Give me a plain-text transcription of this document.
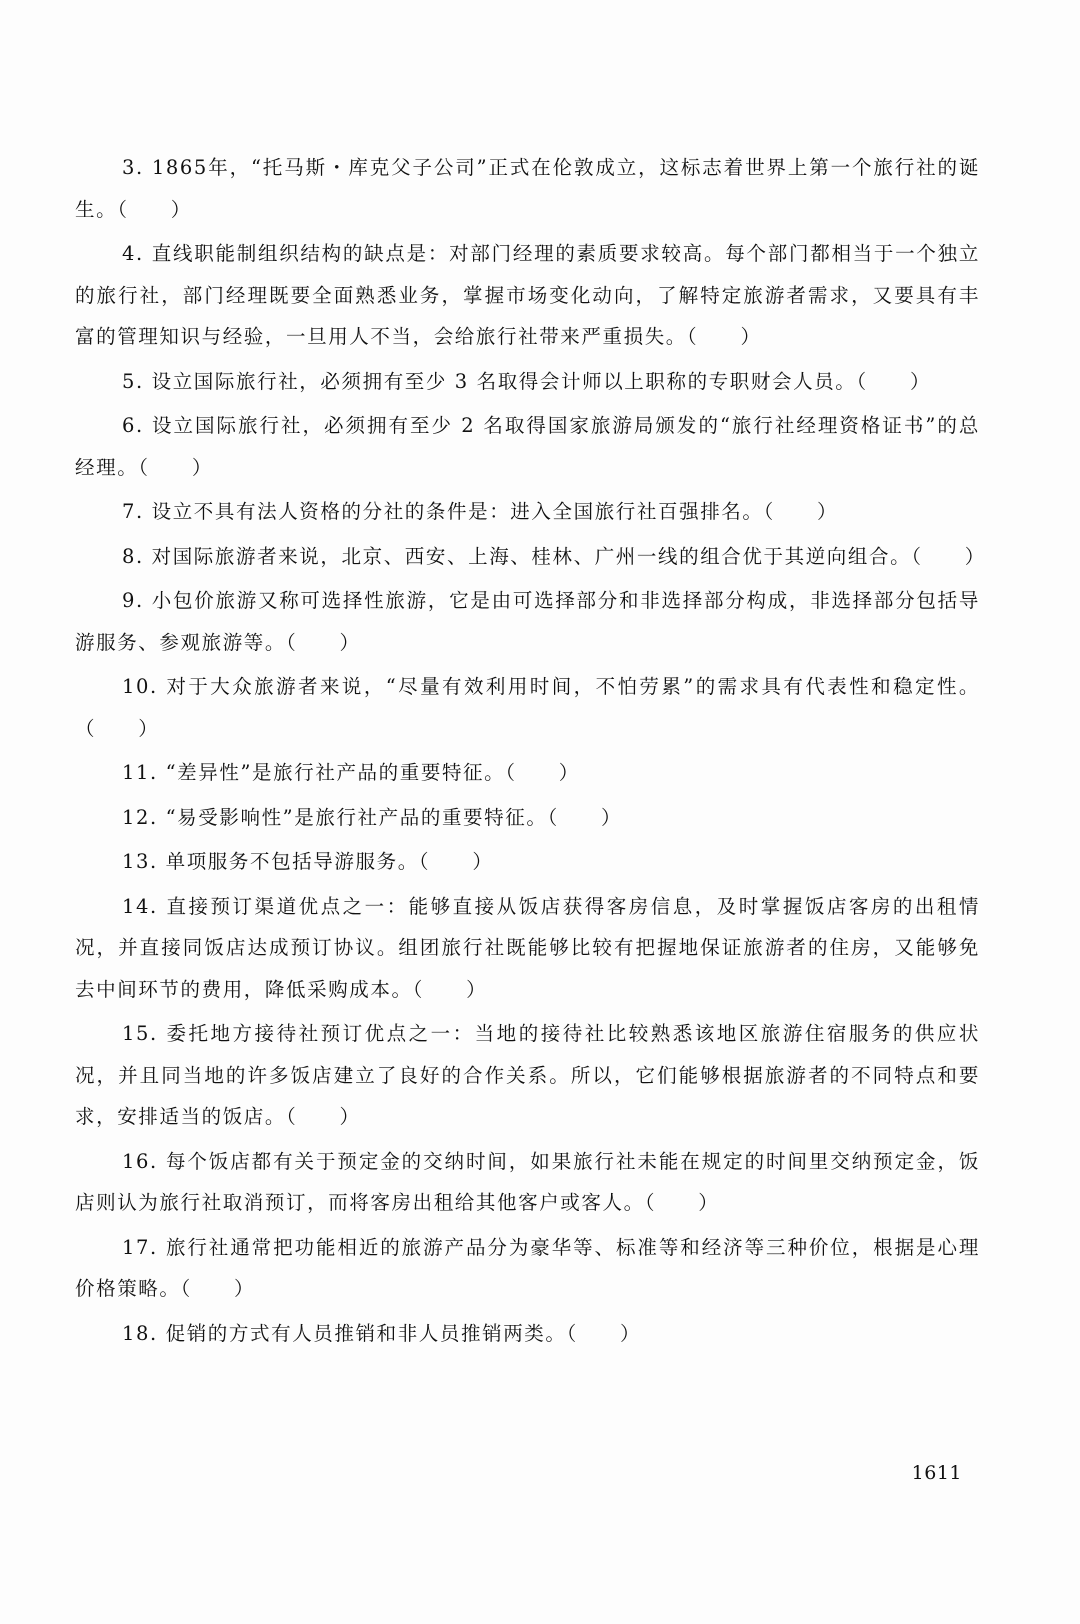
3. 1865年，“托马斯・库克父子公司”正式在伦敦成立，这标志着世界上第一个旅行社的诞生。（　　）

4. 直线职能制组织结构的缺点是：对部门经理的素质要求较高。每个部门都相当于一个独立的旅行社，部门经理既要全面熟悉业务，掌握市场变化动向，了解特定旅游者需求，又要具有丰富的管理知识与经验，一旦用人不当，会给旅行社带来严重损失。（　　）

5. 设立国际旅行社，必须拥有至少 3 名取得会计师以上职称的专职财会人员。（　　）

6. 设立国际旅行社，必须拥有至少 2 名取得国家旅游局颁发的“旅行社经理资格证书”的总经理。（　　）

7. 设立不具有法人资格的分社的条件是：进入全国旅行社百强排名。（　　）

8. 对国际旅游者来说，北京、西安、上海、桂林、广州一线的组合优于其逆向组合。（　　）

9. 小包价旅游又称可选择性旅游，它是由可选择部分和非选择部分构成，非选择部分包括导游服务、参观旅游等。（　　）

10. 对于大众旅游者来说，“尽量有效利用时间，不怕劳累”的需求具有代表性和稳定性。（　　）

11. “差异性”是旅行社产品的重要特征。（　　）

12. “易受影响性”是旅行社产品的重要特征。（　　）

13. 单项服务不包括导游服务。（　　）

14. 直接预订渠道优点之一：能够直接从饭店获得客房信息，及时掌握饭店客房的出租情况，并直接同饭店达成预订协议。组团旅行社既能够比较有把握地保证旅游者的住房，又能够免去中间环节的费用，降低采购成本。（　　）

15. 委托地方接待社预订优点之一：当地的接待社比较熟悉该地区旅游住宿服务的供应状况，并且同当地的许多饭店建立了良好的合作关系。所以，它们能够根据旅游者的不同特点和要求，安排适当的饭店。（　　）

16. 每个饭店都有关于预定金的交纳时间，如果旅行社未能在规定的时间里交纳预定金，饭店则认为旅行社取消预订，而将客房出租给其他客户或客人。（　　）

17. 旅行社通常把功能相近的旅游产品分为豪华等、标准等和经济等三种价位，根据是心理价格策略。（　　）

18. 促销的方式有人员推销和非人员推销两类。（　　）

1611
